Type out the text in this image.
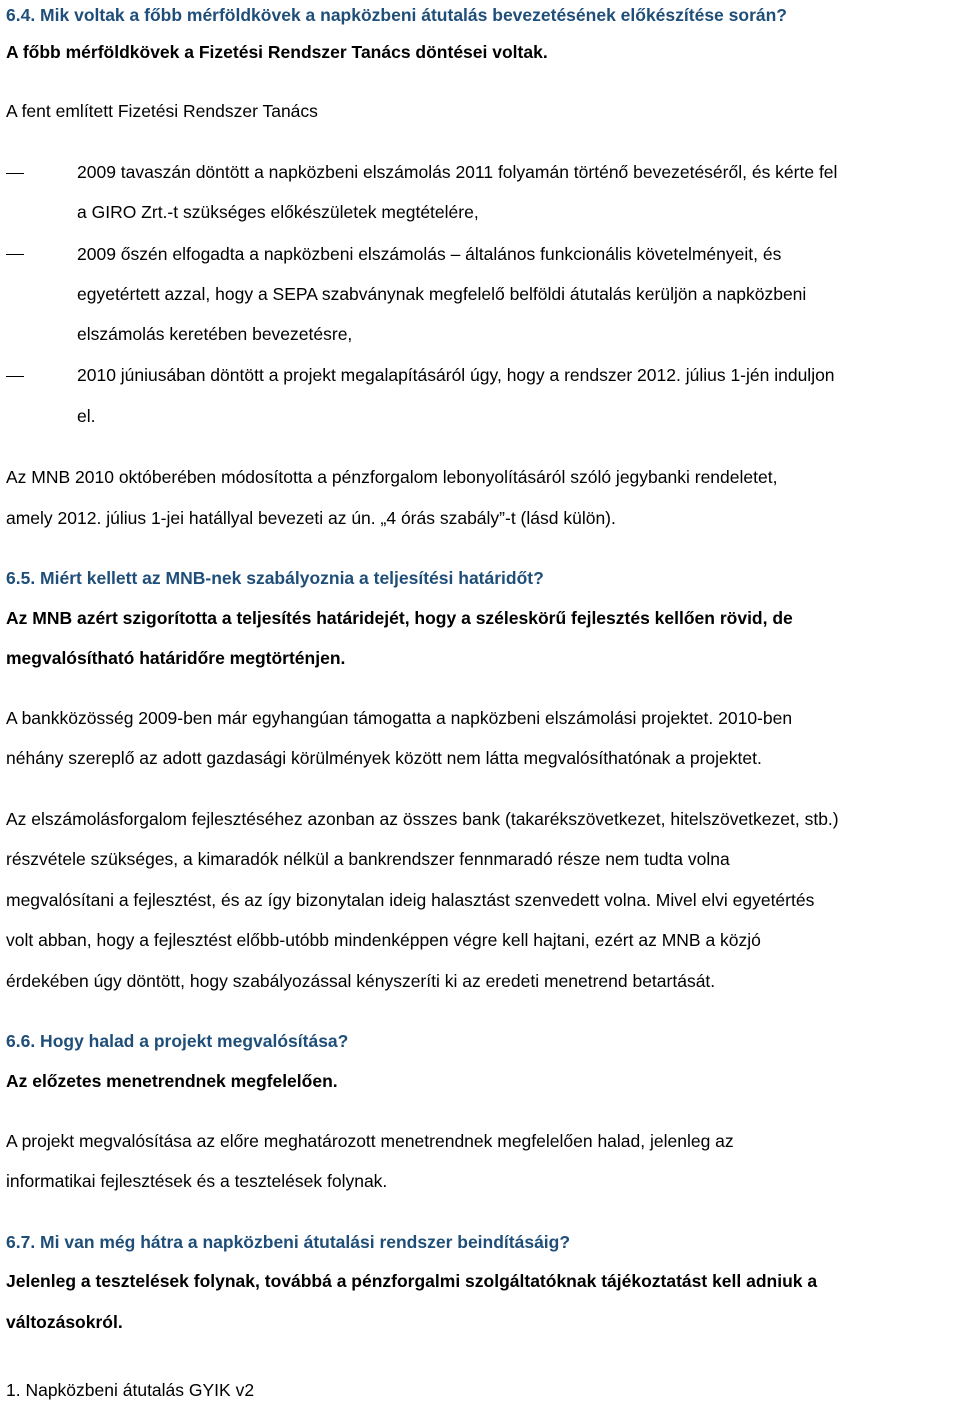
6.4. Mik voltak a főbb mérföldkövek a napközbeni átutalás bevezetésének előkészítése során?
A főbb mérföldkövek a Fizetési Rendszer Tanács döntései voltak.
A fent említett Fizetési Rendszer Tanács
2009 tavaszán döntött a napközbeni elszámolás 2011 folyamán történő bevezetéséről, és kérte fel
a GIRO Zrt.-t szükséges előkészületek megtételére,
2009 őszén elfogadta a napközbeni elszámolás – általános funkcionális követelményeit, és
egyetértett azzal, hogy a SEPA szabványnak megfelelő belföldi átutalás kerüljön a napközbeni
elszámolás keretében bevezetésre,
2010 júniusában döntött a projekt megalapításáról úgy, hogy a rendszer 2012. július 1-jén induljon
el.
Az MNB 2010 októberében módosította a pénzforgalom lebonyolításáról szóló jegybanki rendeletet,
amely 2012. július 1-jei hatállyal bevezeti az ún. „4 órás szabály”-t (lásd külön).
6.5. Miért kellett az MNB-nek szabályoznia a teljesítési határidőt?
Az MNB azért szigorította a teljesítés határidejét, hogy a széleskörű fejlesztés kellően rövid, de
megvalósítható határidőre megtörténjen.
A bankközösség 2009-ben már egyhangúan támogatta a napközbeni elszámolási projektet. 2010-ben
néhány szereplő az adott gazdasági körülmények között nem látta megvalósíthatónak a projektet.
Az elszámolásforgalom fejlesztéséhez azonban az összes bank (takarékszövetkezet, hitelszövetkezet, stb.)
részvétele szükséges, a kimaradók nélkül a bankrendszer fennmaradó része nem tudta volna
megvalósítani a fejlesztést, és az így bizonytalan ideig halasztást szenvedett volna. Mivel elvi egyetértés
volt abban, hogy a fejlesztést előbb-utóbb mindenképpen végre kell hajtani, ezért az MNB a közjó
érdekében úgy döntött, hogy szabályozással kényszeríti ki az eredeti menetrend betartását.
6.6. Hogy halad a projekt megvalósítása?
Az előzetes menetrendnek megfelelően.
A projekt megvalósítása az előre meghatározott menetrendnek megfelelően halad, jelenleg az
informatikai fejlesztések és a tesztelések folynak.
6.7. Mi van még hátra a napközbeni átutalási rendszer beindításáig?
Jelenleg a tesztelések folynak, továbbá a pénzforgalmi szolgáltatóknak tájékoztatást kell adniuk a
változásokról.
1. Napközbeni átutalás GYIK v2
